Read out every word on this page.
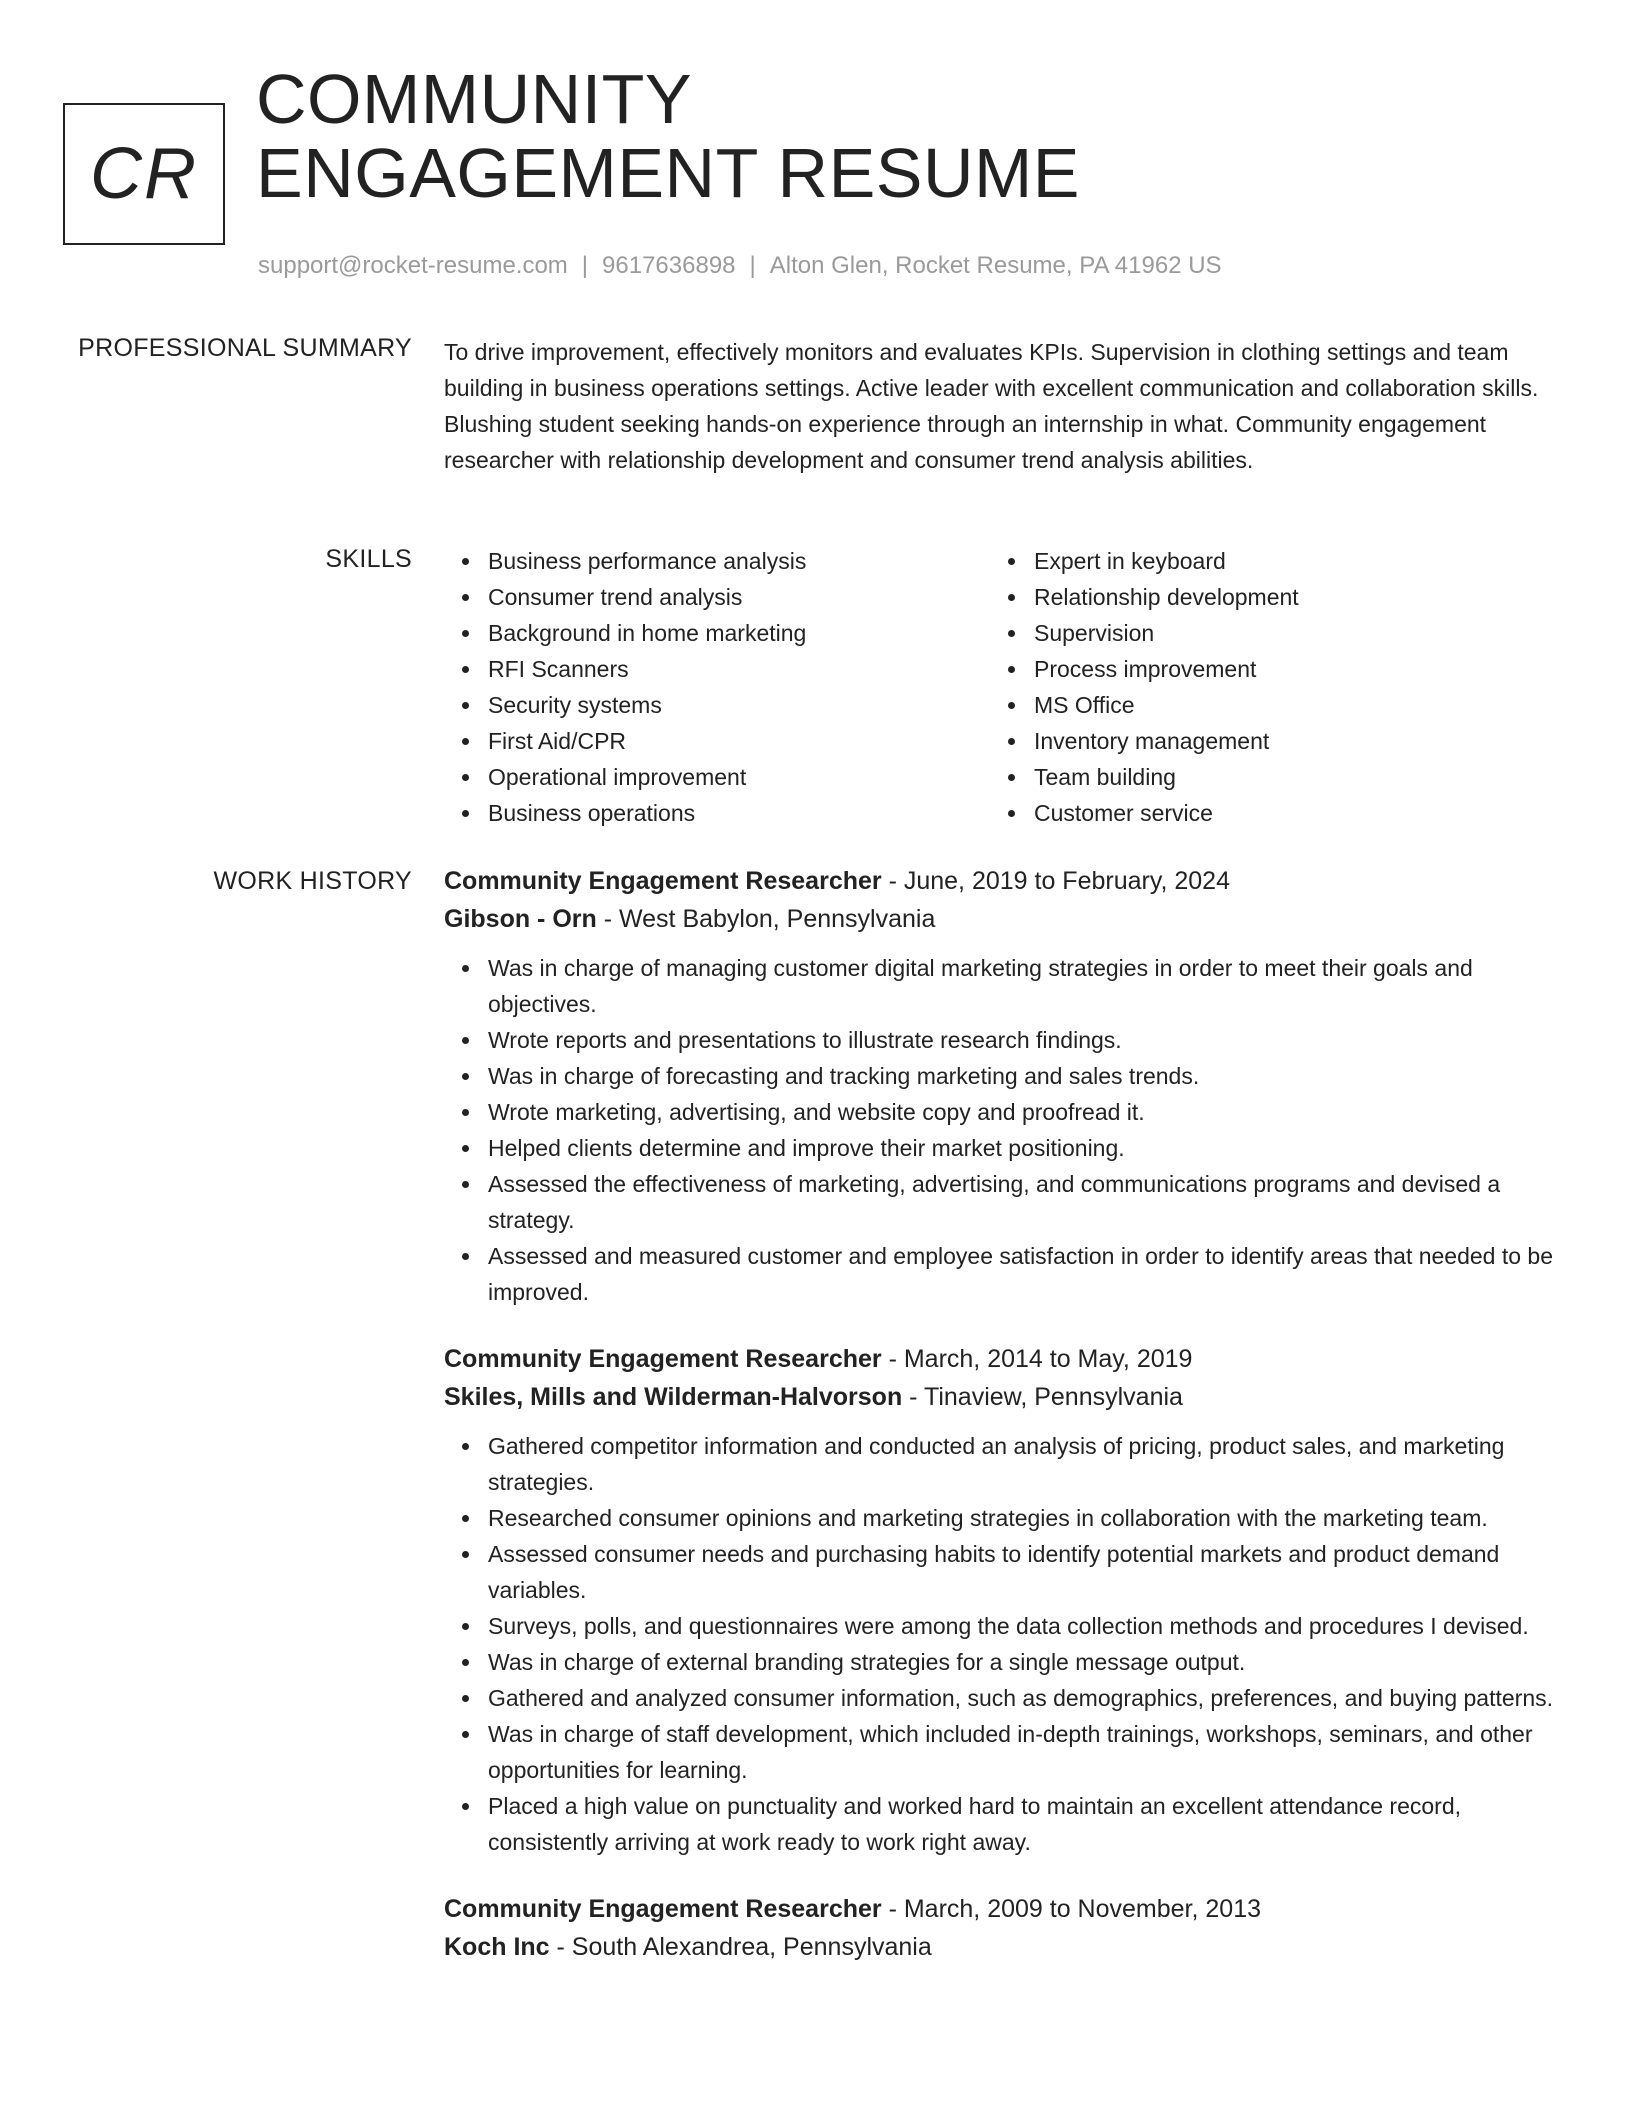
CR
COMMUNITY
ENGAGEMENT RESUME
support@rocket-resume.com | 9617636898 | Alton Glen, Rocket Resume, PA 41962 US
PROFESSIONAL SUMMARY To drive improvement, effectively monitors and evaluates KPIs. Supervision in clothing settings and team building in business operations settings. Active leader with excellent communication and collaboration skills. Blushing student seeking hands-on experience through an internship in what. Community engagement researcher with relationship development and consumer trend analysis abilities.

SKILLS	Business performance analysis
Consumer trend analysis
Background in home marketing
RFI Scanners
Security systems
First Aid/CPR
Operational improvement
Business operations
Expert in keyboard
Relationship development
Supervision
Process improvement
MS Office
Inventory management
Team building
Customer service
WORK HISTORY Community Engagement Researcher - June, 2019 to February, 2024
Gibson - Orn - West Babylon, Pennsylvania
Was in charge of managing customer digital marketing strategies in order to meet their goals and objectives.
Wrote reports and presentations to illustrate research findings.
Was in charge of forecasting and tracking marketing and sales trends.
Wrote marketing, advertising, and website copy and proofread it.
Helped clients determine and improve their market positioning.
Assessed the effectiveness of marketing, advertising, and communications programs and devised a strategy.
Assessed and measured customer and employee satisfaction in order to identify areas that needed to be improved.
Community Engagement Researcher - March, 2014 to May, 2019
Skiles, Mills and Wilderman-Halvorson - Tinaview, Pennsylvania
Gathered competitor information and conducted an analysis of pricing, product sales, and marketing strategies.
Researched consumer opinions and marketing strategies in collaboration with the marketing team.
Assessed consumer needs and purchasing habits to identify potential markets and product demand variables.
Surveys, polls, and questionnaires were among the data collection methods and procedures I devised.
Was in charge of external branding strategies for a single message output.
Gathered and analyzed consumer information, such as demographics, preferences, and buying patterns.
Was in charge of staff development, which included in-depth trainings, workshops, seminars, and other opportunities for learning.
Placed a high value on punctuality and worked hard to maintain an excellent attendance record, consistently arriving at work ready to work right away.
Community Engagement Researcher - March, 2009 to November, 2013
Koch Inc - South Alexandrea, Pennsylvania
